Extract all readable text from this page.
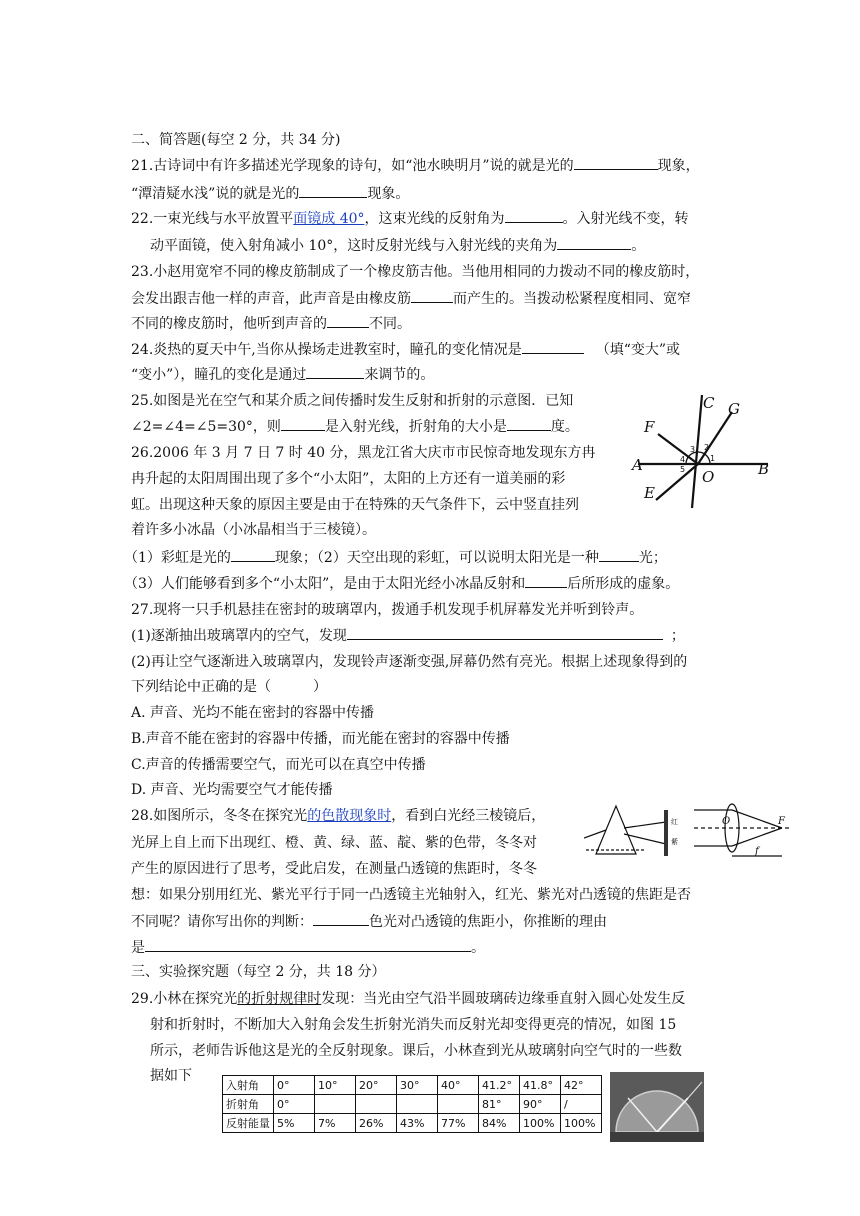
二、简答题(每空 2 分，共 34 分)
21.古诗词中有许多描述光学现象的诗句，如“池水映明月”说的就是光的	现象，
“潭清疑水浅”说的就是光的	现象。
22.一束光线与水平放置平面镜成 40°，这束光线的反射角为	。入射光线不变，转
动平面镜，使入射角减小 10°，这时反射光线与入射光线的夹角为	。
23.小赵用宽窄不同的橡皮筋制成了一个橡皮筋吉他。当他用相同的力拨动不同的橡皮筋时，
会发出跟吉他一样的声音，此声音是由橡皮筋	而产生的。当拨动松紧程度相同、宽窄
不同的橡皮筋时，他听到声音的	不同。
24.炎热的夏天中午,当你从操场走进教室时，瞳孔的变化情况是	（填“变大”或
“变小”），瞳孔的变化是通过	来调节的。
25.如图是光在空气和某介质之间传播时发生反射和折射的示意图．已知
∠2=∠4=∠5=30°，则	是入射光线，折射角的大小是	度。
C G
F
A	B
E
O
1
2
3
4
5
26.2006 年 3 月 7 日 7 时 40 分，黑龙江省大庆市市民惊奇地发现东方冉
冉升起的太阳周围出现了多个“小太阳”，太阳的上方还有一道美丽的彩
虹。出现这种天象的原因主要是由于在特殊的天气条件下，云中竖直挂列
着许多小冰晶（小冰晶相当于三棱镜）。
（1）彩虹是光的	现象；（2）天空出现的彩虹，可以说明太阳光是一种	光；
（3）人们能够看到多个“小太阳”，是由于太阳光经小冰晶反射和	后所形成的虚象。
27.现将一只手机悬挂在密封的玻璃罩内，拨通手机发现手机屏幕发光并听到铃声。
(1)逐渐抽出玻璃罩内的空气，发现	；
(2)再让空气逐渐进入玻璃罩内，发现铃声逐渐变强,屏幕仍然有亮光。根据上述现象得到的
下列结论中正确的是（　　　）
A. 声音、光均不能在密封的容器中传播
B.声音不能在密封的容器中传播，而光能在密封的容器中传播
C.声音的传播需要空气，而光可以在真空中传播
D. 声音、光均需要空气才能传播
28.如图所示，冬冬在探究光的色散现象时，看到白光经三棱镜后，
光屏上自上而下出现红、橙、黄、绿、蓝、靛、紫的色带，冬冬对
产生的原因进行了思考，受此启发，在测量凸透镜的焦距时，冬冬
想：如果分别用红光、紫光平行于同一凸透镜主光轴射入，红光、紫光对凸透镜的焦距是否
不同呢？请你写出你的判断：	色光对凸透镜的焦距小，你推断的理由
是	。
红
紫
O	F
f
三、实验探究题（每空 2 分，共 18 分）
29.小林在探究光的折射规律时发现：当光由空气沿半圆玻璃砖边缘垂直射入圆心处发生反
射和折射时，不断加大入射角会发生折射光消失而反射光却变得更亮的情况，如图 15
所示，老师告诉他这是光的全反射现象。课后，小林查到光从玻璃射向空气时的一些数
据如下
入射角	0°	10°	20°	30°	40°	41.2°	41.8°	42°
折射角	0°					81°	90°	/
反射能量	5%	7%	26%	43%	77%	84%	100%	100%
